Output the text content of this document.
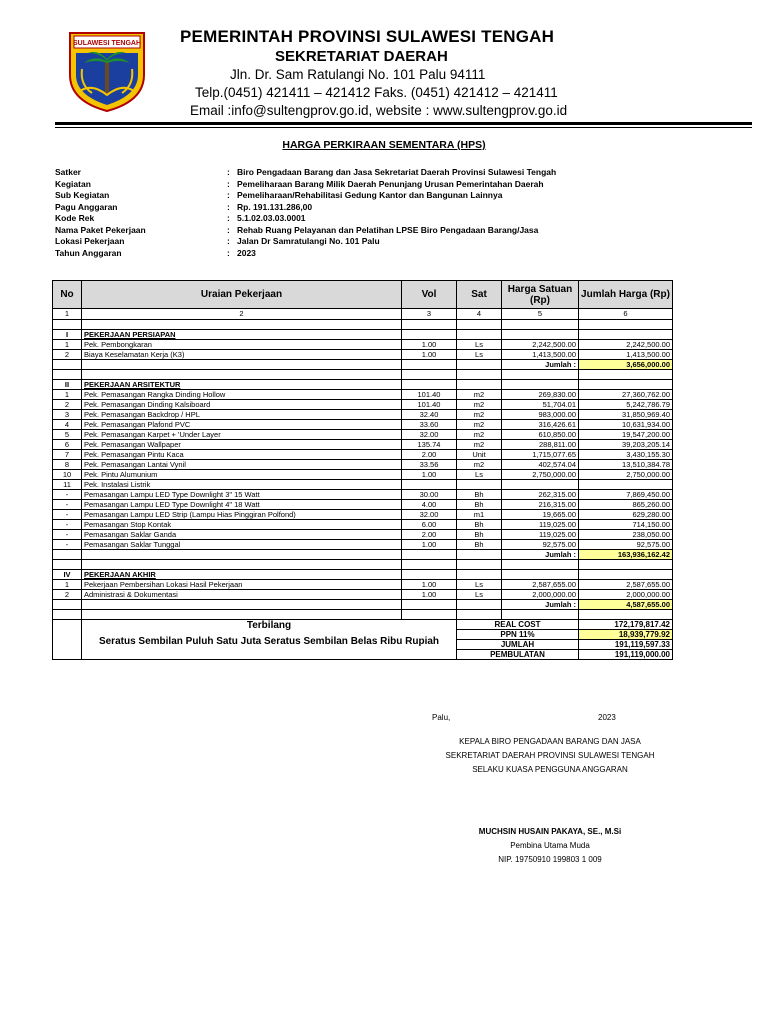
SULAWESI TENGAH PEMERINTAH PROVINSI SULAWESI TENGAH
SEKRETARIAT DAERAH
Jln. Dr. Sam Ratulangi No. 101 Palu 94111
Telp.(0451) 421411 – 421412 Faks. (0451) 421412 – 421411
Email :info@sultengprov.go.id, website : www.sultengprov.go.id
HARGA PERKIRAAN SEMENTARA (HPS)
Satker	: Biro Pengadaan Barang dan Jasa Sekretariat Daerah Provinsi Sulawesi Tengah
Kegiatan	: Pemeliharaan Barang Milik Daerah Penunjang Urusan Pemerintahan Daerah
Sub Kegiatan	: Pemeliharaan/Rehabilitasi Gedung Kantor dan Bangunan Lainnya
Pagu Anggaran	: Rp. 191.131.286,00
Kode Rek	: 5.1.02.03.03.0001
Nama Paket Pekerjaan	: Rehab Ruang Pelayanan dan Pelatihan LPSE Biro Pengadaan Barang/Jasa
Lokasi Pekerjaan	: Jalan Dr Samratulangi No. 101 Palu
Tahun Anggaran	: 2023
No	Uraian Pekerjaan	Vol	Sat	Harga Satuan (Rp)	Jumlah Harga (Rp)
1	2	3	4	5	6

I	PEKERJAAN PERSIAPAN				
1	Pek. Pembongkaran	1.00	Ls	2,242,500.00	2,242,500.00
2	Biaya Keselamatan Kerja (K3)	1.00	Ls	1,413,500.00	1,413,500.00
				Jumlah :	3,656,000.00

II	PEKERJAAN ARSITEKTUR				
1	Pek. Pemasangan Rangka Dinding Hollow	101.40	m2	269,830.00	27,360,762.00
2	Pek. Pemasangan Dinding Kalsiboard	101.40	m2	51,704.01	5,242,786.79
3	Pek. Pemasangan Backdrop / HPL	32.40	m2	983,000.00	31,850,969.40
4	Pek. Pemasangan Plafond PVC	33.60	m2	316,426.61	10,631,934.00
5	Pek. Pemasangan Karpet + 'Under Layer	32.00	m2	610,850.00	19,547,200.00
6	Pek. Pemasangan Wallpaper	135.74	m2	288,811.00	39,203,205.14
7	Pek. Pemasangan Pintu Kaca	2.00	Unit	1,715,077.65	3,430,155.30
8	Pek. Pemasangan Lantai Vynil	33.56	m2	402,574.04	13,510,384.78
10	Pek. Pintu Alumunium	1.00	Ls	2,750,000.00	2,750,000.00
11	Pek. Instalasi Listrik				
-	Pemasangan Lampu LED Type Downlight 3" 15 Watt	30.00	Bh	262,315.00	7,869,450.00
-	Pemasangan Lampu LED Type Downlight 4" 18 Watt	4.00	Bh	216,315.00	865,260.00
-	Pemasangan Lampu LED Strip (Lampu Hias Pinggiran Polfond)	32.00	m1	19,665.00	629,280.00
-	Pemasangan Stop Kontak	6.00	Bh	119,025.00	714,150.00
-	Pemasangan Saklar Ganda	2.00	Bh	119,025.00	238,050.00
-	Pemasangan Saklar Tunggal	1.00	Bh	92,575.00	92,575.00
				Jumlah :	163,936,162.42

IV	PEKERJAAN AKHIR				
1	Pekerjaan Pembersihan Lokasi Hasil Pekerjaan	1.00	Ls	2,587,655.00	2,587,655.00
2	Administrasi & Dokumentasi	1.00	Ls	2,000,000.00	2,000,000.00
				Jumlah :	4,587,655.00

	Terbilang
Seratus Sembilan Puluh Satu Juta Seratus Sembilan Belas Ribu Rupiah		REAL COST		172,179,817.42
			PPN 11%		18,939,779.92
			JUMLAH		191,119,597.33
			PEMBULATAN		191,119,000.00
Palu,	2023
KEPALA BIRO PENGADAAN BARANG DAN JASA
SEKRETARIAT DAERAH PROVINSI SULAWESI TENGAH
SELAKU KUASA PENGGUNA ANGGARAN
MUCHSIN HUSAIN PAKAYA, SE., M.Si
Pembina Utama Muda
NIP. 19750910 199803 1 009
